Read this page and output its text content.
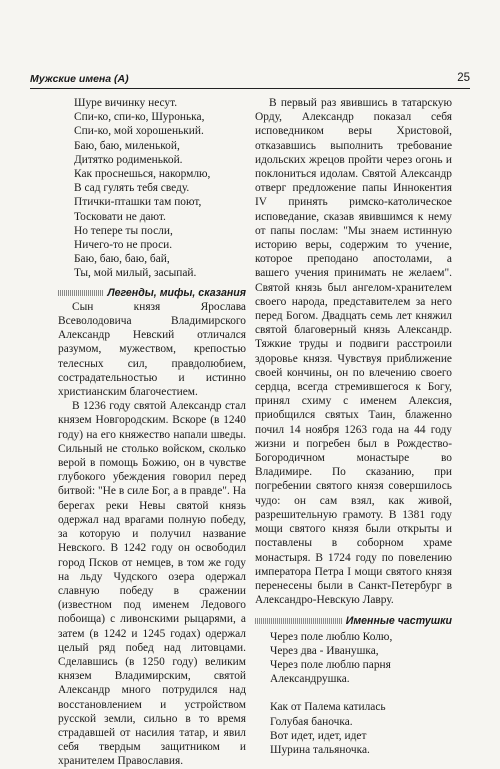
Мужские имена (А)	25
Шуре вичинку несут.
Спи-ко, спи-ко, Шуронька,
Спи-ко, мой хорошенький.
Баю, баю, миленькой,
Дитятко родименькой.
Как проснешься, накормлю,
В сад гулять тебя сведу.
Птички-пташки там поют,
Тосковати не дают.
Но тепере ты посли,
Ничего-то не проси.
Баю, баю, баю, бай,
Ты, мой милый, засыпай.
Легенды, мифы, сказания

Сын князя Ярослава Всеволодовича Владимирского Александр Невский отличался разумом, мужеством, крепостью телесных сил, правдолюбием, сострадательностью и истинно христианским благочестием.

В 1236 году святой Александр стал князем Новгородским. Вскоре (в 1240 году) на его княжество напали шведы. Сильный не столько войском, сколько верой в помощь Божию, он в чувстве глубокого убеждения говорил перед битвой: "Не в силе Бог, а в правде". На берегах реки Невы святой князь одержал над врагами полную победу, за которую и получил название Невского. В 1242 году он освободил город Псков от немцев, в том же году на льду Чудского озера одержал славную победу в сражении (известном под именем Ледового побоища) с ливонскими рыцарями, а затем (в 1242 и 1245 годах) одержал целый ряд побед над литовцами. Сделавшись (в 1250 году) великим князем Владимирским, святой Александр много потрудился над восстановлением и устройством русской земли, сильно в то время страдавшей от насилия татар, и явил себя твердым защитником и хранителем Православия.

В первый раз явившись в татарскую Орду, Александр показал себя исповедником веры Христовой, отказавшись выполнить требование идольских жрецов пройти через огонь и поклониться идолам. Святой Александр отверг предложение папы Иннокентия IV принять римско-католическое исповедание, сказав явившимся к нему от папы послам: "Мы знаем истинную историю веры, содержим то учение, которое преподано апостолами, а вашего учения принимать не желаем". Святой князь был ангелом-хранителем своего народа, представителем за него перед Богом. Двадцать семь лет княжил святой благоверный князь Александр. Тяжкие труды и подвиги расстроили здоровье князя. Чувствуя приближение своей кончины, он по влечению своего сердца, всегда стремившегося к Богу, принял схиму с именем Алексия, приобщился святых Таин, блаженно почил 14 ноября 1263 года на 44 году жизни и погребен был в Рождество-Богородичном монастыре во Владимире. По сказанию, при погребении святого князя совершилось чудо: он сам взял, как живой, разрешительную грамоту. В 1381 году мощи святого князя были открыты и поставлены в соборном храме монастыря. В 1724 году по повелению императора Петра I мощи святого князя перенесены были в Санкт-Петербург в Александро-Невскую Лавру.

Именные частушки
Через поле люблю Колю,
Через два - Иванушка,
Через поле люблю парня
Александрушка.
Как от Палема катилась
Голубая баночка.
Вот идет, идет, идет
Шурина тальяночка.
